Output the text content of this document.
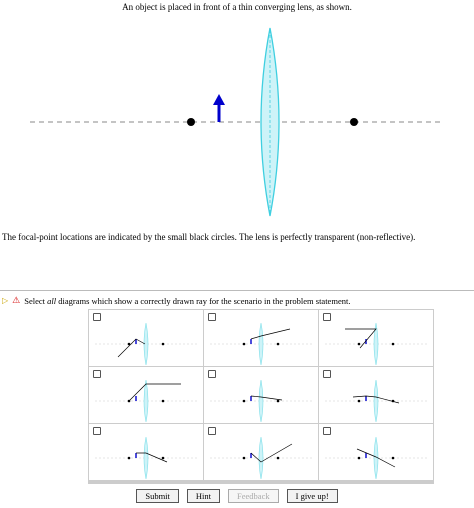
An object is placed in front of a thin converging lens, as shown.
The focal-point locations are indicated by the small black circles. The lens is perfectly transparent (non-reflective).
▷ ⚠ Select all diagrams which show a correctly drawn ray for the scenario in the problem statement.
Submit	Hint	Feedback	I give up!
